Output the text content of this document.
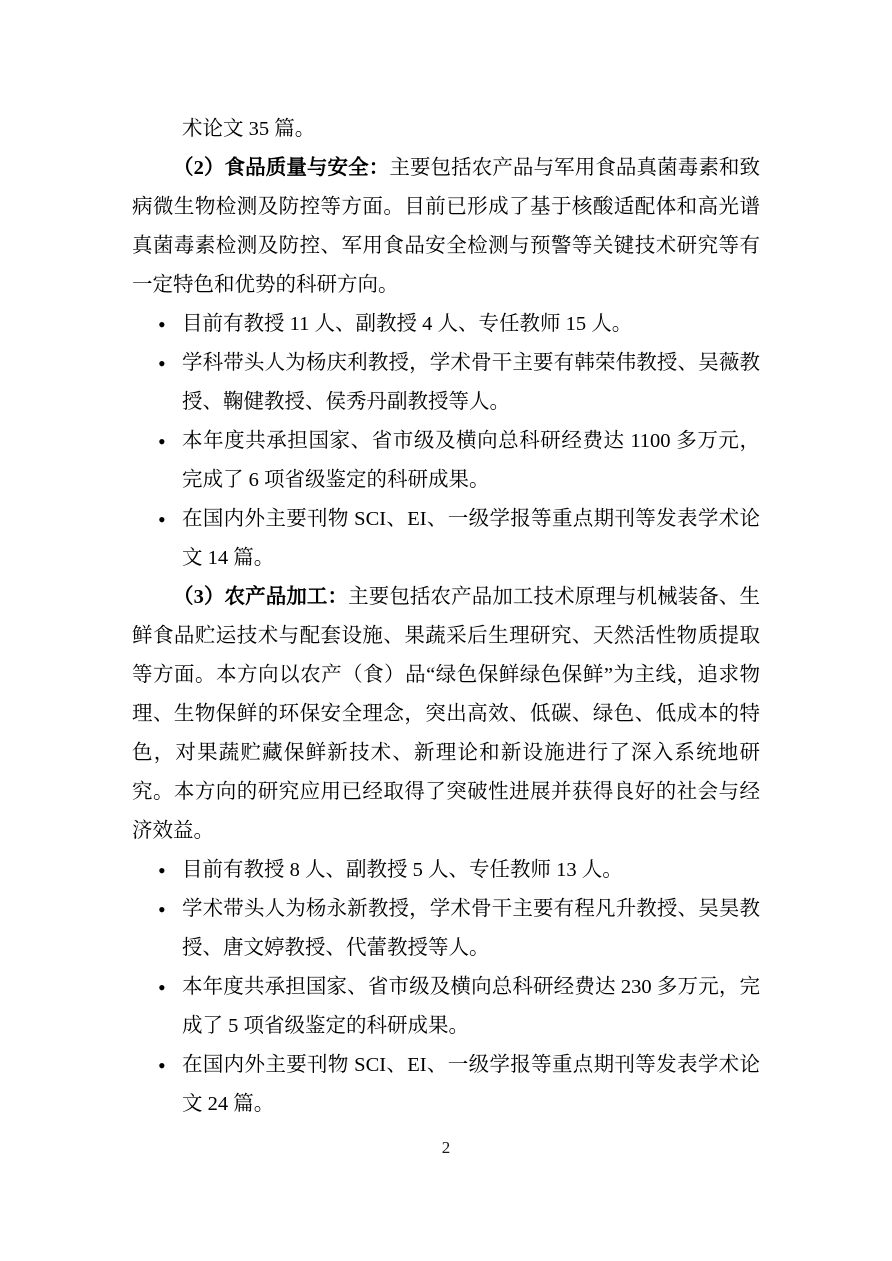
术论文 35 篇。

（2）食品质量与安全：主要包括农产品与军用食品真菌毒素和致病微生物检测及防控等方面。目前已形成了基于核酸适配体和高光谱真菌毒素检测及防控、军用食品安全检测与预警等关键技术研究等有一定特色和优势的科研方向。

• 目前有教授 11 人、副教授 4 人、专任教师 15 人。
• 学科带头人为杨庆利教授，学术骨干主要有韩荣伟教授、吴薇教授、鞠健教授、侯秀丹副教授等人。
• 本年度共承担国家、省市级及横向总科研经费达 1100 多万元，完成了 6 项省级鉴定的科研成果。
• 在国内外主要刊物 SCI、EI、一级学报等重点期刊等发表学术论文 14 篇。

（3）农产品加工：主要包括农产品加工技术原理与机械装备、生鲜食品贮运技术与配套设施、果蔬采后生理研究、天然活性物质提取等方面。本方向以农产（食）品“绿色保鲜绿色保鲜”为主线，追求物理、生物保鲜的环保安全理念，突出高效、低碳、绿色、低成本的特色，对果蔬贮藏保鲜新技术、新理论和新设施进行了深入系统地研究。本方向的研究应用已经取得了突破性进展并获得良好的社会与经济效益。

• 目前有教授 8 人、副教授 5 人、专任教师 13 人。
• 学术带头人为杨永新教授，学术骨干主要有程凡升教授、吴昊教授、唐文婷教授、代蕾教授等人。
• 本年度共承担国家、省市级及横向总科研经费达 230 多万元，完成了 5 项省级鉴定的科研成果。
• 在国内外主要刊物 SCI、EI、一级学报等重点期刊等发表学术论文 24 篇。
2
